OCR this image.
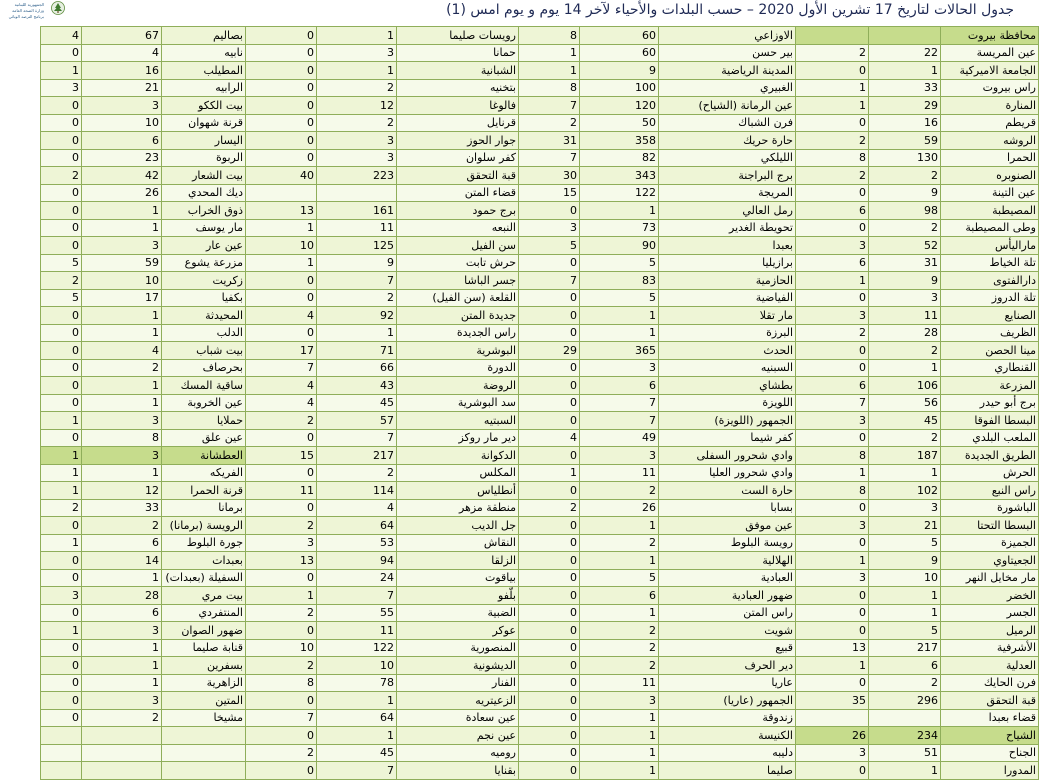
الجمهورية اللبنانية
وزارة الصحة العامة
برنامج الترصد الوبائي	جدول الحالات لتاريخ 17 تشرين الأول 2020 – حسب البلدات والأحياء لآخر 14 يوم و يوم امس (1)
محافظة بيروت			الاوزاعي	60	8	رويسات صليما	1	0	بصاليم	67	4
عين المريسة	22	2	بير حسن	60	1	حمانا	3	0	نابيه	4	0
الجامعة الاميركية	1	0	المدينة الرياضية	9	1	الشبانية	1	0	المطيلب	16	1
راس بيروت	33	1	الغبيري	100	8	بتخنيه	2	0	الرابيه	21	3
المنارة	29	1	عين الرمانة (الشياح)	120	7	فالوغا	12	0	بيت الككو	3	0
قريطم	16	0	فرن الشباك	50	2	قرنايل	2	0	قرنة شهوان	10	0
الروشه	59	2	حارة حريك	358	31	جوار الحوز	3	0	اليسار	6	0
الحمرا	130	8	الليلكي	82	7	كفر سلوان	3	0	الربوة	23	0
الصنوبره	2	2	برج البراجنة	343	30	قبة التحقق	223	40	بيت الشعار	42	2
عين التينة	9	0	المريجة	122	15	قضاء المتن			ديك المحدي	26	0
المصيطبة	98	6	رمل العالي	1	0	برج حمود	161	13	ذوق الخراب	1	0
وطى المصيطبة	2	0	تحويطة الغدير	73	3	النبعه	11	1	مار يوسف	1	0
ماراليأس	52	3	بعبدا	90	5	سن الفيل	125	10	عين عار	3	0
تلة الخياط	31	6	برازيليا	5	0	حرش تابت	9	1	مزرعة يشوع	59	5
دارالفتوى	9	1	الحازمية	83	7	جسر الباشا	7	0	زكريت	10	2
تلة الدروز	3	0	الفياضية	5	0	القلعة (سن الفيل)	2	0	بكفيا	17	5
الصنايع	11	3	مار تقلا	1	0	جديدة المتن	92	4	المحيدثة	1	0
الظريف	28	2	البرزة	1	0	راس الجديدة	1	0	الدلب	1	0
مينا الحصن	2	0	الحدث	365	29	البوشرية	71	17	بيت شباب	4	0
القنطاري	1	0	السبنيه	3	0	الدورة	66	7	بحرصاف	2	0
المزرعة	106	6	بطشاي	6	0	الروضة	43	4	ساقية المسك	1	0
برج أبو حيدر	56	7	اللويزة	7	0	سد البوشرية	45	4	عين الخروبة	1	0
البسطا الفوقا	45	3	الجمهور (اللويزة)	7	0	السبتيه	57	2	حملايا	3	1
الملعب البلدي	2	0	كفر شيما	49	4	دير مار روكز	7	0	عين علق	8	0
الطريق الجديدة	187	8	وادي شحرور السفلى	3	0	الدكوانة	217	15	العطشانة	3	1
الحرش	1	1	وادي شحرور العليا	11	1	المكلس	2	0	الفريكه	1	1
راس النبع	102	8	حارة الست	2	0	أنطلياس	114	11	قرنة الحمرا	12	1
الباشورة	3	0	بسابا	26	2	منطقة مزهر	4	0	برمانا	33	2
البسطا التحتا	21	3	عين موفق	1	0	جل الديب	64	2	الرويسة (برمانا)	2	0
الجميزة	5	0	رويسة البلوط	2	0	النقاش	53	3	جورة البلوط	6	1
الجعيتاوي	9	1	الهلالية	1	0	الزلقا	94	13	بعبدات	14	0
مار مخايل النهر	10	3	العبادية	5	0	بياقوت	24	0	السفيلة (بعبدات)	1	0
الخضر	1	0	ضهور العبادية	6	0	بلّفو	7	1	بيت مري	28	3
الجسر	1	0	راس المتن	1	0	الضبية	55	2	المنتفردي	6	0
الرميل	5	0	شويت	2	0	عوكر	11	0	ضهور الصوان	3	1
الأشرفية	217	13	قبيع	2	0	المنصورية	122	10	قنابة صليما	1	0
العدلية	6	1	دير الحرف	2	0	الديشونية	10	2	بسفرين	1	0
فرن الحايك	2	0	عاريا	11	0	الفنار	78	8	الزاهرية	1	0
قبة التحقق	296	35	الجمهور (عاريا)	3	0	الزعيتريه	1	0	المتين	3	0
قضاء بعبدا			زندوقة	1	0	عين سعادة	64	7	مشيخا	2	0
الشياح	234	26	الكنيسة	1	0	عين نجم	1	0			
الجناح	51	3	دليبه	1	0	روميه	45	2			
المدورا	1	0	صليما	1	0	بقنايا	7	0			
